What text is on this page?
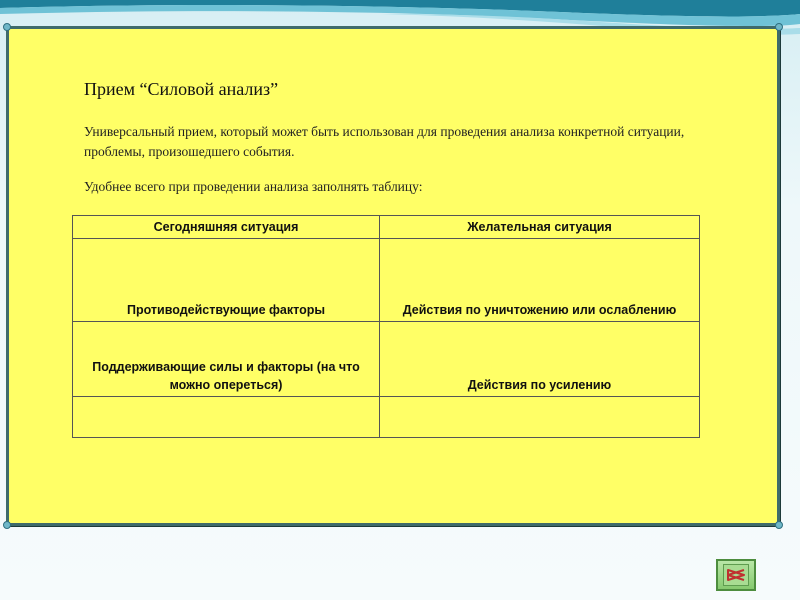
Прием “Силовой анализ”
Универсальный прием, который может быть использован для проведения анализа конкретной ситуации, проблемы, произошедшего события.
Удобнее всего при проведении анализа заполнять таблицу:
Сегодняшняя ситуация	Желательная ситуация
Противодействующие факторы	Действия по уничтожению или ослаблению
Поддерживающие силы и факторы (на что можно опереться)	Действия по усилению
